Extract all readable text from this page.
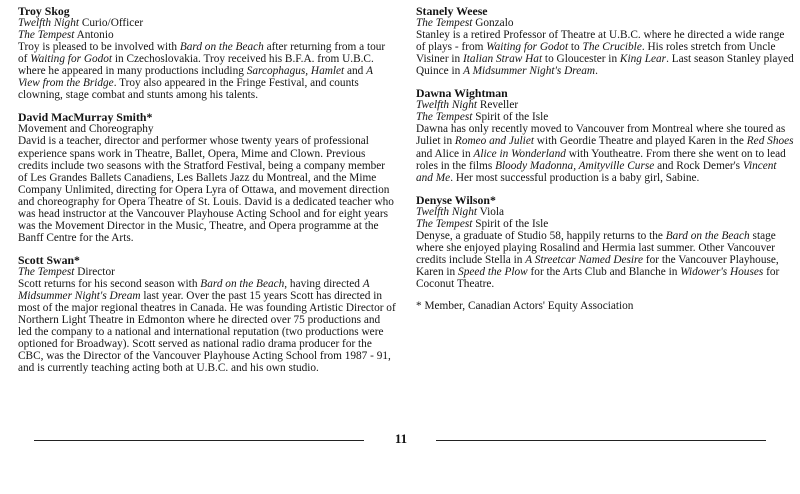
Troy Skog
Twelfth Night Curio/Officer
The Tempest Antonio
Troy is pleased to be involved with Bard on the Beach after returning from a tour of Waiting for Godot in Czechoslovakia. Troy received his B.F.A. from U.B.C. where he appeared in many productions including Sarcophagus, Hamlet and A View from the Bridge. Troy also appeared in the Fringe Festival, and counts clowning, stage combat and stunts among his talents.
David MacMurray Smith*
Movement and Choreography
David is a teacher, director and performer whose twenty years of professional experience spans work in Theatre, Ballet, Opera, Mime and Clown. Previous credits include two seasons with the Stratford Festival, being a company member of Les Grandes Ballets Canadiens, Les Ballets Jazz du Montreal, and the Mime Company Unlimited, directing for Opera Lyra of Ottawa, and movement direction and choreography for Opera Theatre of St. Louis. David is a dedicated teacher who was head instructor at the Vancouver Playhouse Acting School and for eight years was the Movement Director in the Music, Theatre, and Opera programme at the Banff Centre for the Arts.
Scott Swan*
The Tempest Director
Scott returns for his second season with Bard on the Beach, having directed A Midsummer Night's Dream last year. Over the past 15 years Scott has directed in most of the major regional theatres in Canada. He was founding Artistic Director of Northern Light Theatre in Edmonton where he directed over 75 productions and led the company to a national and international reputation (two productions were optioned for Broadway). Scott served as national radio drama producer for the CBC, was the Director of the Vancouver Playhouse Acting School from 1987 - 91, and is currently teaching acting both at U.B.C. and his own studio.
Stanely Weese
The Tempest Gonzalo
Stanley is a retired Professor of Theatre at U.B.C. where he directed a wide range of plays - from Waiting for Godot to The Crucible. His roles stretch from Uncle Visiner in Italian Straw Hat to Gloucester in King Lear. Last season Stanley played Quince in A Midsummer Night's Dream.
Dawna Wightman
Twelfth Night Reveller
The Tempest Spirit of the Isle
Dawna has only recently moved to Vancouver from Montreal where she toured as Juliet in Romeo and Juliet with Geordie Theatre and played Karen in the Red Shoes and Alice in Alice in Wonderland with Youtheatre. From there she went on to lead roles in the films Bloody Madonna, Amityville Curse and Rock Demer's Vincent and Me. Her most successful production is a baby girl, Sabine.
Denyse Wilson*
Twelfth Night Viola
The Tempest Spirit of the Isle
Denyse, a graduate of Studio 58, happily returns to the Bard on the Beach stage where she enjoyed playing Rosalind and Hermia last summer. Other Vancouver credits include Stella in A Streetcar Named Desire for the Vancouver Playhouse, Karen in Speed the Plow for the Arts Club and Blanche in Widower's Houses for Coconut Theatre.
* Member, Canadian Actors' Equity Association
11
